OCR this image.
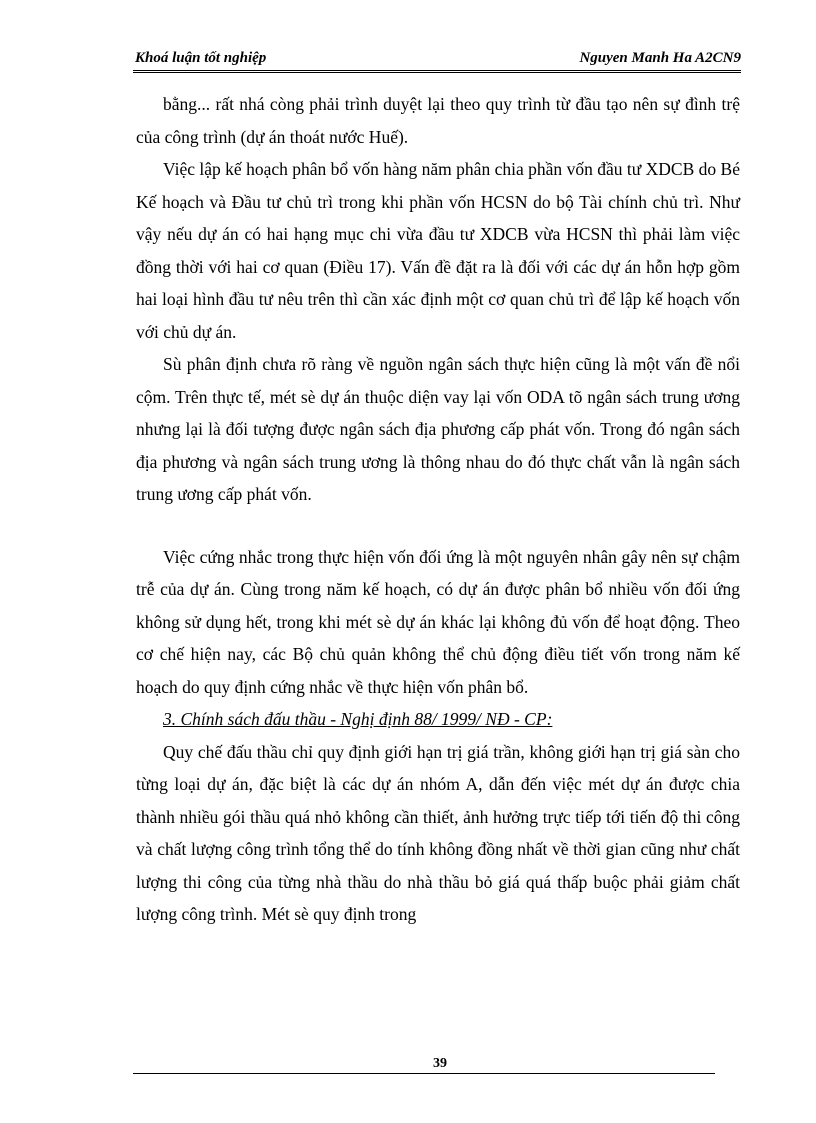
Khoá luận tốt nghiệp	Nguyen Manh Ha A2CN9

bằng... rất nhá còng phải trình duyệt lại theo quy trình từ đầu tạo nên sự đình trệ của công trình (dự án thoát nước Huế).

Việc lập kế hoạch phân bổ vốn hàng năm phân chia phần vốn đầu tư XDCB do Bé Kế hoạch và Đầu tư chủ trì trong khi phần vốn HCSN do bộ Tài chính chủ trì. Như vậy nếu dự án có hai hạng mục chi vừa đầu tư XDCB vừa HCSN thì phải làm việc đồng thời với hai cơ quan (Điều 17). Vấn đề đặt ra là đối với các dự án hỗn hợp gồm hai loại hình đầu tư nêu trên thì cần xác định một cơ quan chủ trì để lập kế hoạch vốn với chủ dự án.

Sù phân định chưa rõ ràng về nguồn ngân sách thực hiện cũng là một vấn đề nổi cộm. Trên thực tế, mét sè dự án thuộc diện vay lại vốn ODA tõ ngân sách trung ương nhưng lại là đối tượng được ngân sách địa phương cấp phát vốn. Trong đó ngân sách địa phương và ngân sách trung ương là thông nhau do đó thực chất vẫn là ngân sách trung ương cấp phát vốn.

Việc cứng nhắc trong thực hiện vốn đối ứng là một nguyên nhân gây nên sự chậm trễ của dự án. Cùng trong năm kế hoạch, có dự án được phân bổ nhiều vốn đối ứng không sử dụng hết, trong khi mét sè dự án khác lại không đủ vốn để hoạt động. Theo cơ chế hiện nay, các Bộ chủ quản không thể chủ động điều tiết vốn trong năm kế hoạch do quy định cứng nhắc về thực hiện vốn phân bổ.

3. Chính sách đấu thầu - Nghị định 88/ 1999/ NĐ - CP:

Quy chế đấu thầu chỉ quy định giới hạn trị giá trần, không giới hạn trị giá sàn cho từng loại dự án, đặc biệt là các dự án nhóm A, dẫn đến việc mét dự án được chia thành nhiều gói thầu quá nhỏ không cần thiết, ảnh hưởng trực tiếp tới tiến độ thi công và chất lượng công trình tổng thể do tính không đồng nhất về thời gian cũng như chất lượng thi công của từng nhà thầu do nhà thầu bỏ giá quá thấp buộc phải giảm chất lượng công trình. Mét sè quy định trong

39
